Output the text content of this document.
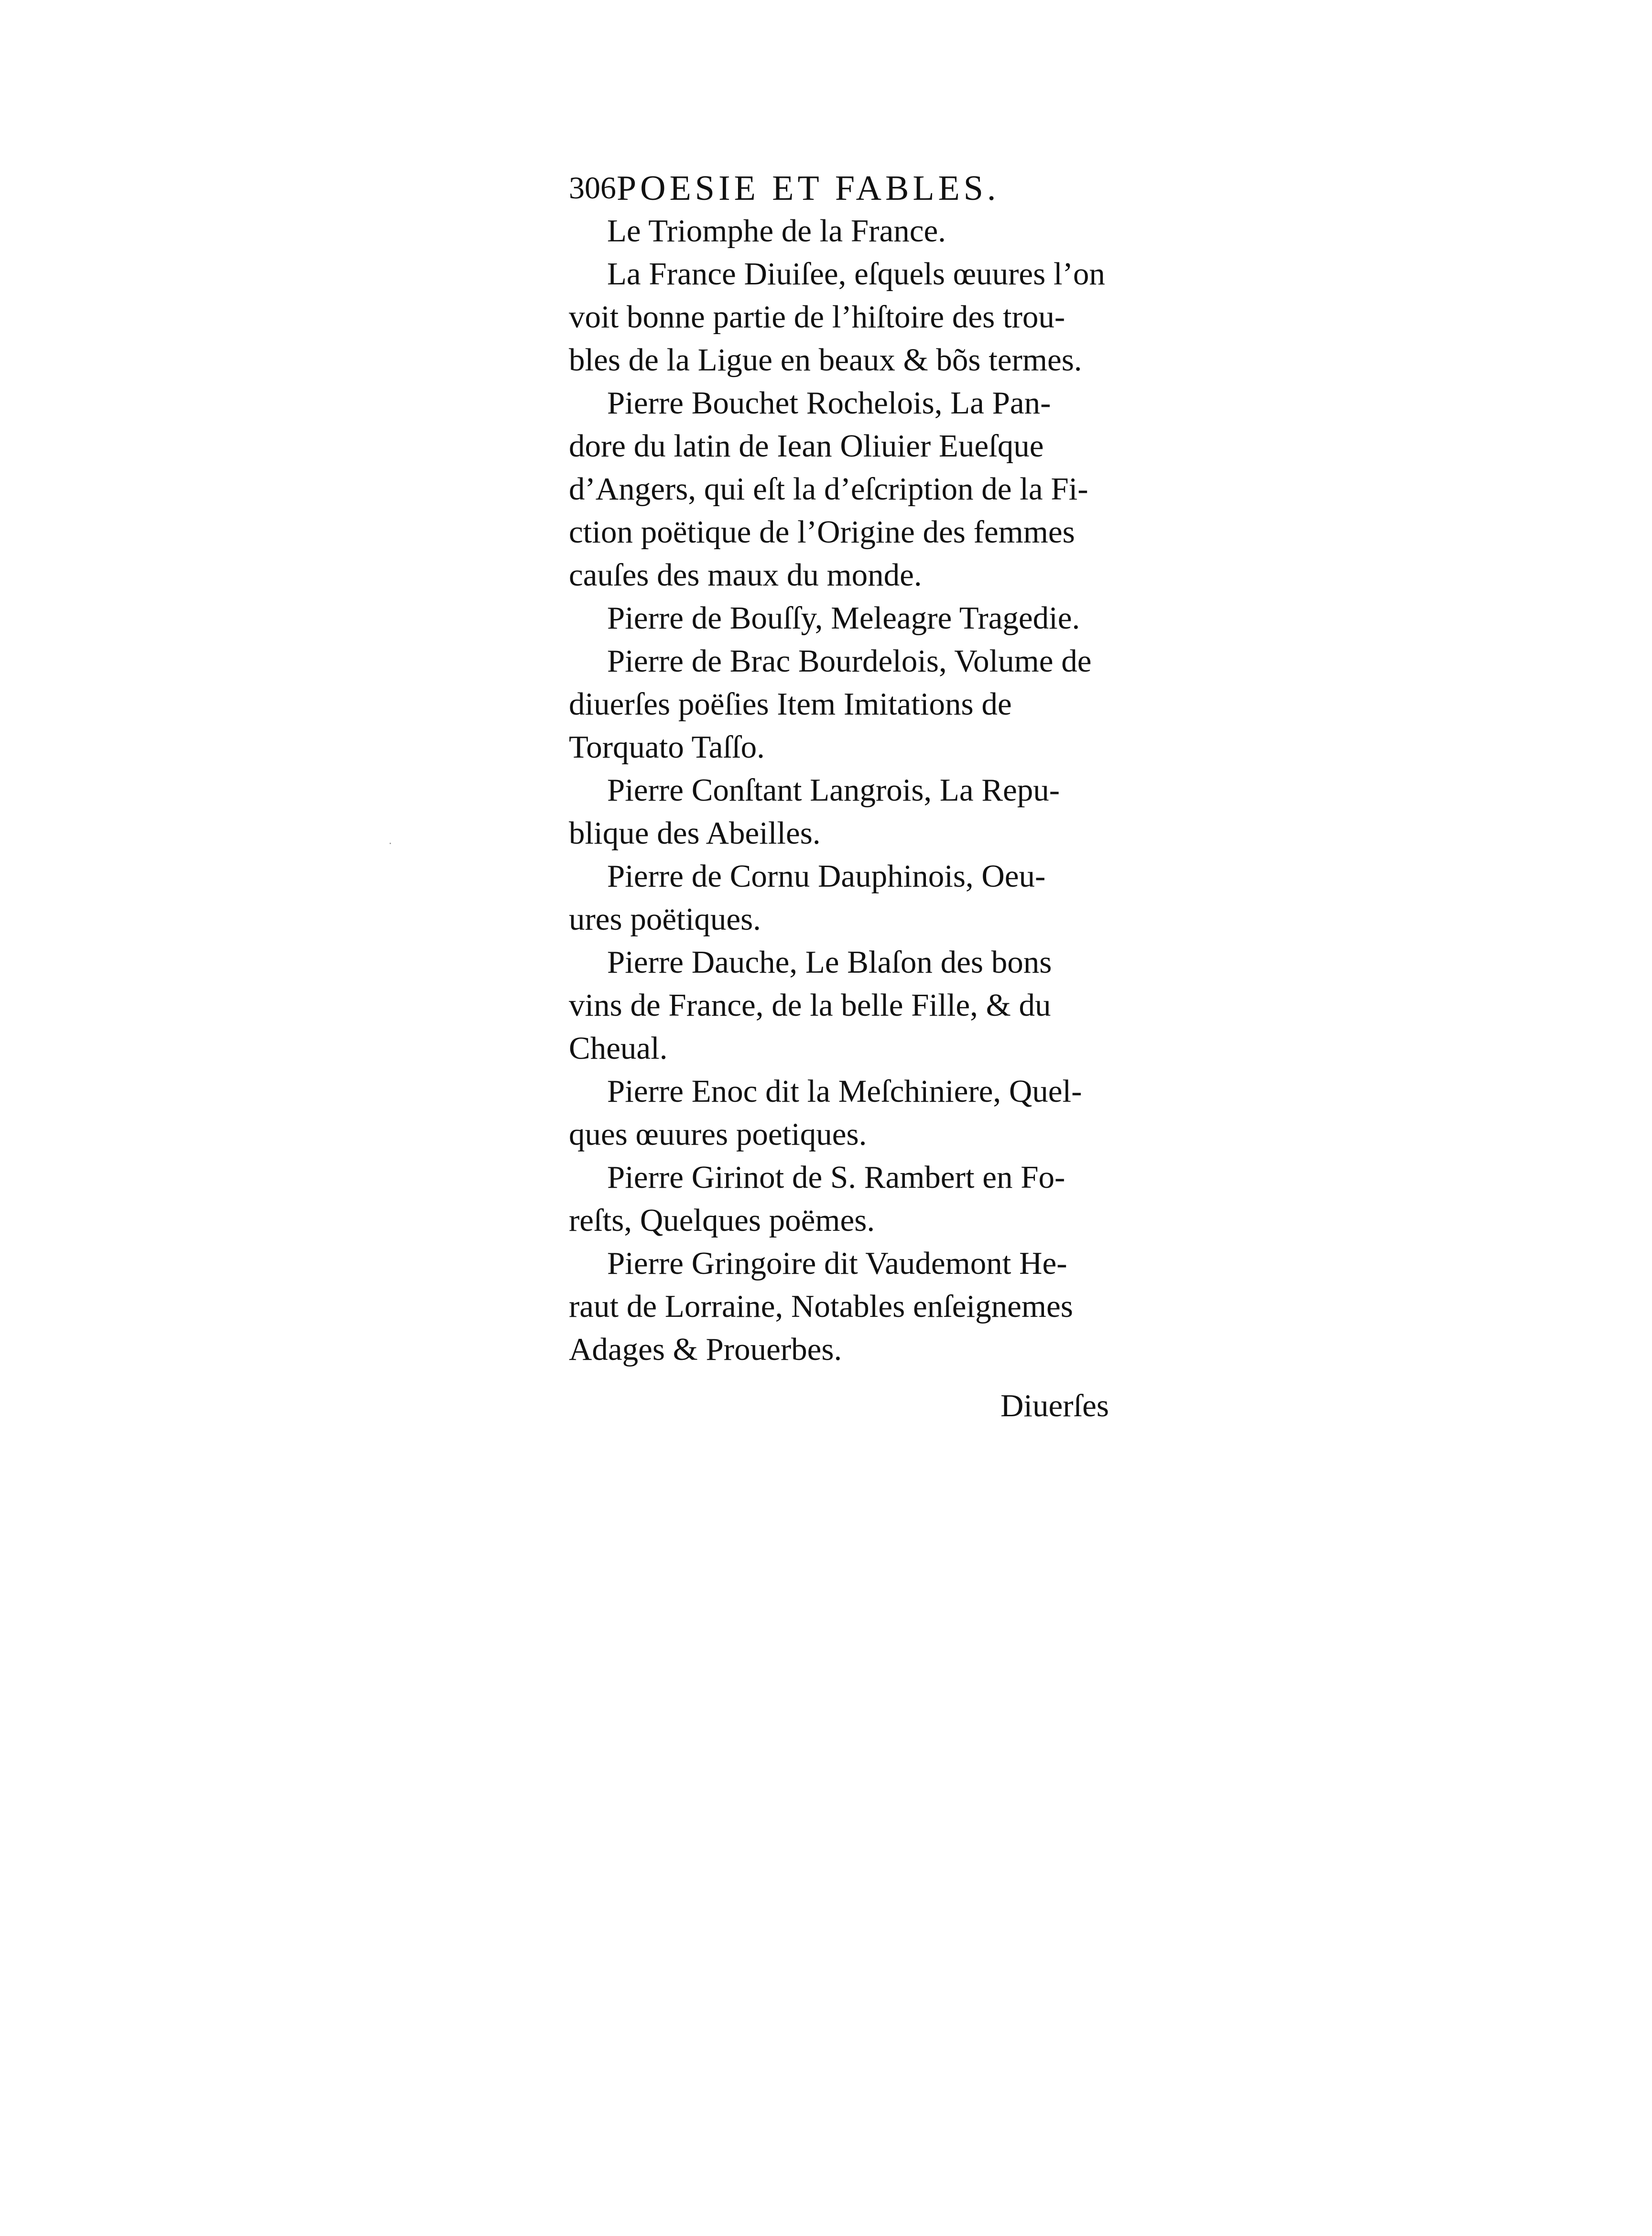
306 POESIE ET FABLES.
Le Triomphe de la France.
La France Diuiſee, eſquels œuures l’on
voit bonne partie de l’hiſtoire des trou-
bles de la Ligue en beaux & bõs termes.
Pierre Bouchet Rochelois, La Pan-
dore du latin de Iean Oliuier Eueſque
d’Angers, qui eſt la d’eſcription de la Fi-
ction poëtique de l’Origine des femmes
cauſes des maux du monde.
Pierre de Bouſſy, Meleagre Tragedie.
Pierre de Brac Bourdelois, Volume de
diuerſes poëſies Item Imitations de
Torquato Taſſo.
Pierre Conſtant Langrois, La Repu-
blique des Abeilles.
Pierre de Cornu Dauphinois, Oeu-
ures poëtiques.
Pierre Dauche, Le Blaſon des bons
vins de France, de la belle Fille, & du
Cheual.
Pierre Enoc dit la Meſchiniere, Quel-
ques œuures poetiques.
Pierre Girinot de S. Rambert en Fo-
reſts, Quelques poëmes.
Pierre Gringoire dit Vaudemont He-
raut de Lorraine, Notables enſeignemes
Adages & Prouerbes.
Diuerſes
